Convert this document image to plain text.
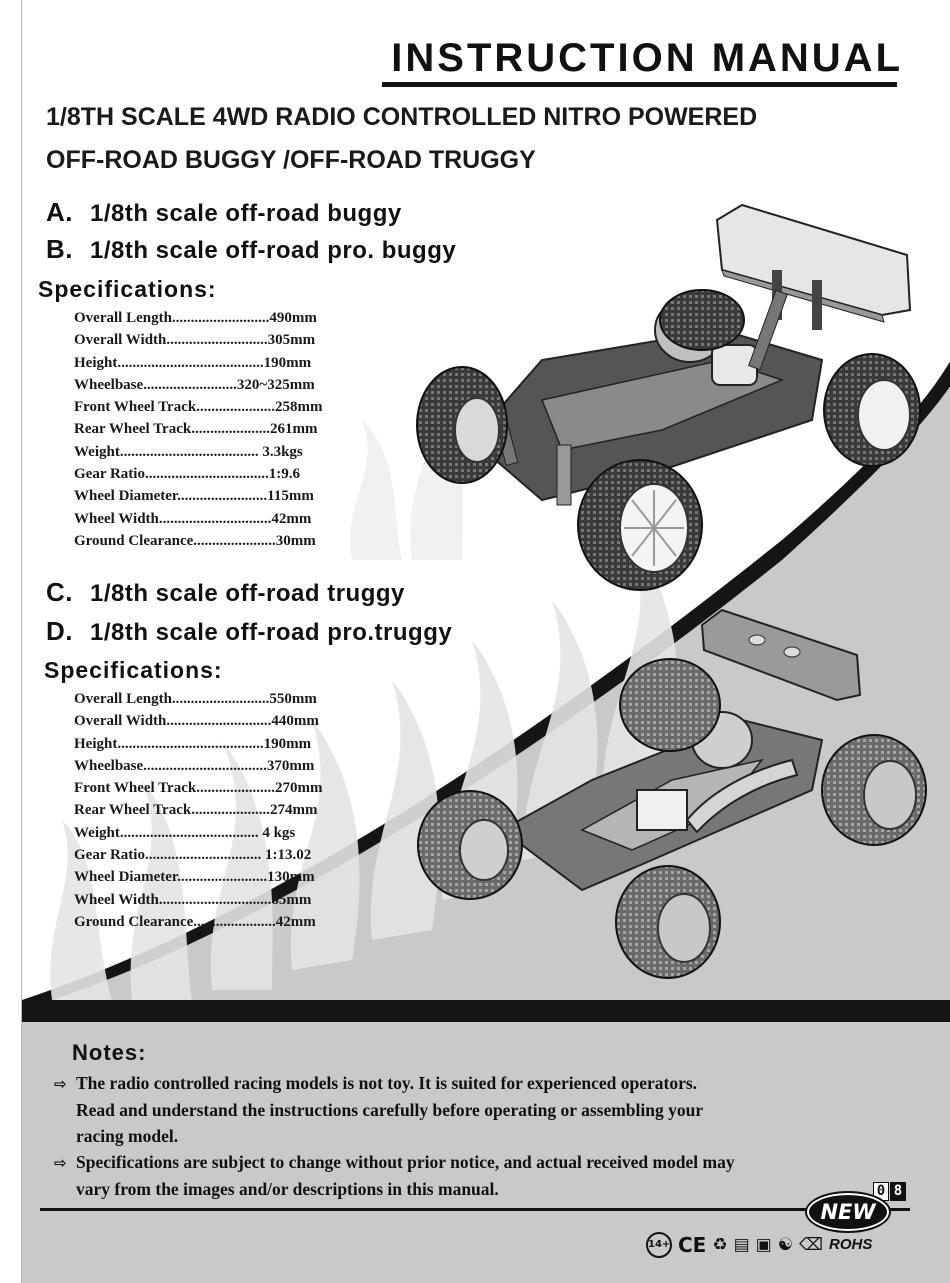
INSTRUCTION MANUAL
1/8TH SCALE 4WD RADIO CONTROLLED NITRO POWERED
OFF-ROAD BUGGY /OFF-ROAD TRUGGY
A. 1/8th scale off-road buggy
B. 1/8th scale off-road pro. buggy
Specifications:
Overall Length..........................490mm
Overall Width...........................305mm
Height.......................................190mm
Wheelbase.........................320~325mm
Front Wheel Track.....................258mm
Rear Wheel Track.....................261mm
Weight..................................... 3.3kgs
Gear Ratio.................................1:9.6
Wheel Diameter........................115mm
Wheel Width..............................42mm
Ground Clearance......................30mm
C. 1/8th scale off-road truggy
D. 1/8th scale off-road pro.truggy
Specifications:
Overall Length..........................550mm
Overall Width............................440mm
Height.......................................190mm
Wheelbase.................................370mm
Front Wheel Track.....................270mm
Rear Wheel Track.....................274mm
Weight..................................... 4 kgs
Gear Ratio............................... 1:13.02
Wheel Diameter........................130mm
Wheel Width..............................85mm
Ground Clearance......................42mm
Notes:
⇨ The radio controlled racing models is not toy. It is suited for experienced operators.
Read and understand the instructions carefully before operating or assembling your
racing model.
⇨ Specifications are subject to change without prior notice, and actual received model may
vary from the images and/or descriptions in this manual.	0 8
NEW
14+ CE ♻ ▤ ▣ ☯ ⌫ ROHS
